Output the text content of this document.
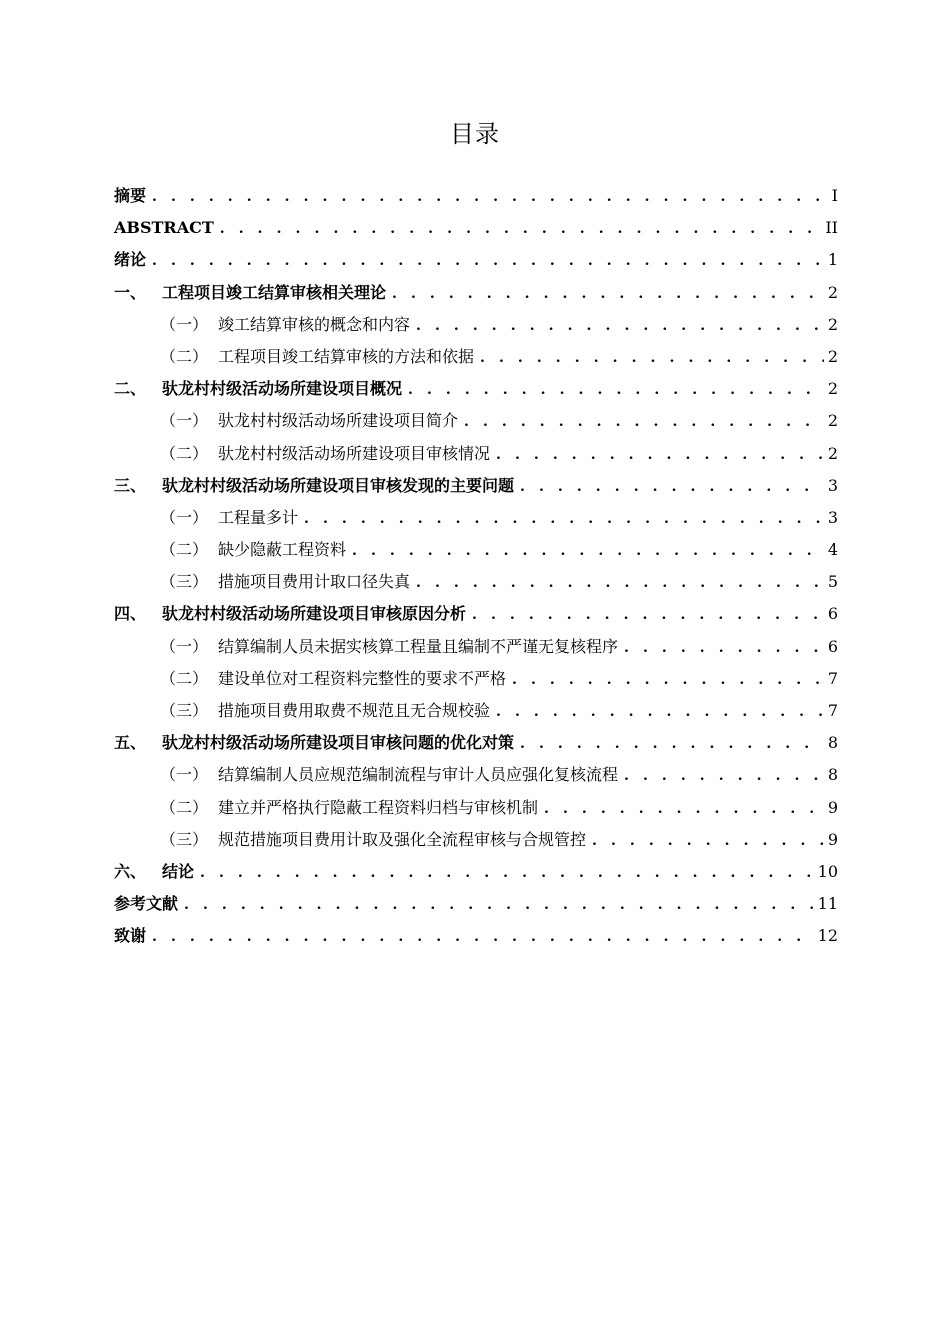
目录
摘要 . . .	I
ABSTRACT . . .	II
绪论 . . .	1
一、 工程项目竣工结算审核相关理论 . . .	2
（一） 竣工结算审核的概念和内容 . . .	2
（二） 工程项目竣工结算审核的方法和依据 . . .	2
二、 驮龙村村级活动场所建设项目概况 . . .	2
（一） 驮龙村村级活动场所建设项目简介 . . .	2
（二） 驮龙村村级活动场所建设项目审核情况 . . .	2
三、 驮龙村村级活动场所建设项目审核发现的主要问题 . . .	3
（一） 工程量多计 . . .	3
（二） 缺少隐蔽工程资料 . . .	4
（三） 措施项目费用计取口径失真 . . .	5
四、 驮龙村村级活动场所建设项目审核原因分析 . . .	6
（一） 结算编制人员未据实核算工程量且编制不严谨无复核程序 . . .	6
（二） 建设单位对工程资料完整性的要求不严格 . . .	7
（三） 措施项目费用取费不规范且无合规校验 . . .	7
五、 驮龙村村级活动场所建设项目审核问题的优化对策 . . .	8
（一） 结算编制人员应规范编制流程与审计人员应强化复核流程 . . .	8
（二） 建立并严格执行隐蔽工程资料归档与审核机制 . . .	9
（三） 规范措施项目费用计取及强化全流程审核与合规管控 . . .	9
六、 结论 . . .	10
参考文献 . . .	11
致谢 . . .	12
